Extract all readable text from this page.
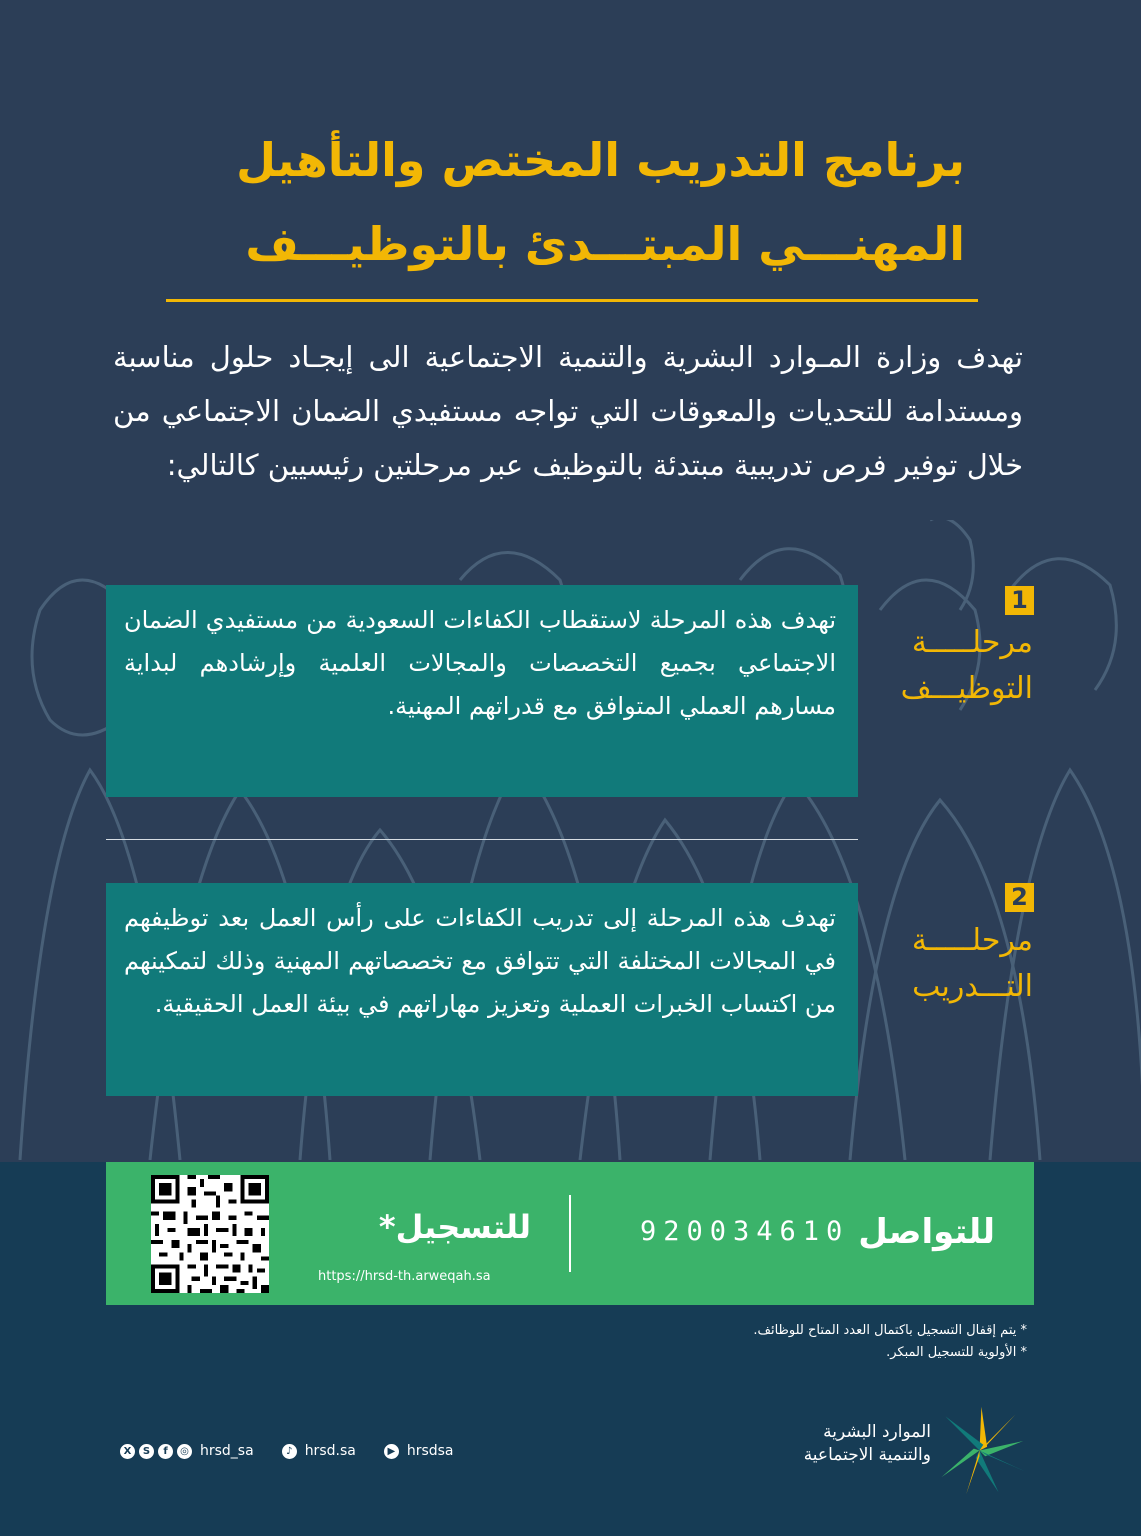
برنامج التدريب المختص والتأهيل
المهنـــي المبتـــدئ بالتوظيـــف

تهدف وزارة المـوارد البشرية والتنمية الاجتماعية الى إيجـاد حلول مناسبة ومستدامة للتحديات والمعوقات التي تواجه مستفيدي الضمان الاجتماعي من خلال توفير فرص تدريبية مبتدئة بالتوظيف عبر مرحلتين رئيسيين كالتالي:

1

مرحلـــــة
التوظيـــف

تهدف هذه المرحلة لاستقطاب الكفاءات السعودية من مستفيدي الضمان الاجتماعي بجميع التخصصات والمجالات العلمية وإرشادهم لبداية مسارهم العملي المتوافق مع قدراتهم المهنية.
2

مرحلـــــة
التـــدريب

تهدف هذه المرحلة إلى تدريب الكفاءات على رأس العمل بعد توظيفهم في المجالات المختلفة التي تتوافق مع تخصصاتهم المهنية وذلك لتمكينهم من اكتساب الخبرات العملية وتعزيز مهاراتهم في بيئة العمل الحقيقية.
للتواصل
920034610
للتسجيل*
https://hrsd-th.arweqah.sa
* يتم إقفال التسجيل باكتمال العدد المتاح للوظائف.
* الأولوية للتسجيل المبكر.
X	S	f	◎ hrsd_sa	♪ hrsd.sa	▶ hrsdsa
الموارد البشرية
والتنمية الاجتماعية
